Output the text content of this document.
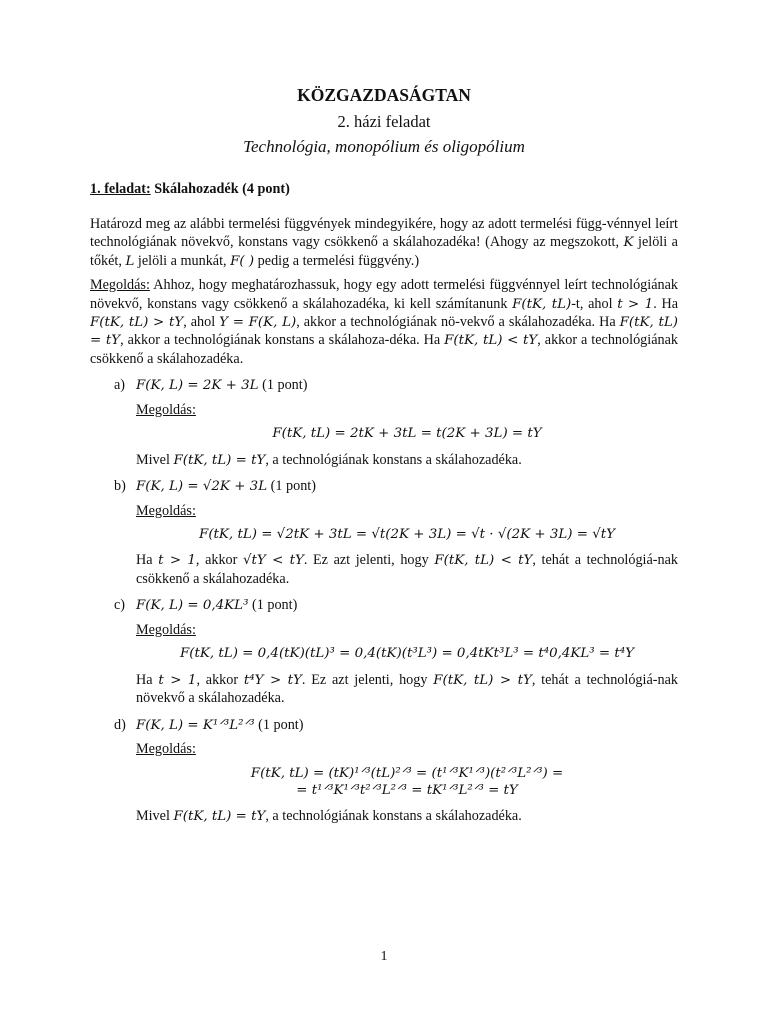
KÖZGAZDASÁGTAN

2. házi feladat

Technológia, monopólium és oligopólium

1. feladat: Skálahozadék (4 pont)

Határozd meg az alábbi termelési függvények mindegyikére, hogy az adott termelési függ-vénnyel leírt technológiának növekvő, konstans vagy csökkenő a skálahozadéka! (Ahogy az megszokott, K jelöli a tőkét, L jelöli a munkát, F( ) pedig a termelési függvény.)

Megoldás: Ahhoz, hogy meghatározhassuk, hogy egy adott termelési függvénnyel leírt technológiának növekvő, konstans vagy csökkenő a skálahozadéka, ki kell számítanunk F(tK, tL)-t, ahol t > 1. Ha F(tK, tL) > tY, ahol Y = F(K, L), akkor a technológiának nö-vekvő a skálahozadéka. Ha F(tK, tL) = tY, akkor a technológiának konstans a skálahoza-déka. Ha F(tK, tL) < tY, akkor a technológiának csökkenő a skálahozadéka.

a) F(K, L) = 2K + 3L (1 pont)

Megoldás:

F(tK, tL) = 2tK + 3tL = t(2K + 3L) = tY

Mivel F(tK, tL) = tY, a technológiának konstans a skálahozadéka.

b) F(K, L) = √2K + 3L (1 pont)

Megoldás:

F(tK, tL) = √2tK + 3tL = √t(2K + 3L) = √t · √(2K + 3L) = √tY

Ha t > 1, akkor √tY < tY. Ez azt jelenti, hogy F(tK, tL) < tY, tehát a technológiá-nak csökkenő a skálahozadéka.

c) F(K, L) = 0,4KL³ (1 pont)

Megoldás:

F(tK, tL) = 0,4(tK)(tL)³ = 0,4(tK)(t³L³) = 0,4tKt³L³ = t⁴0,4KL³ = t⁴Y

Ha t > 1, akkor t⁴Y > tY. Ez azt jelenti, hogy F(tK, tL) > tY, tehát a technológiá-nak növekvő a skálahozadéka.

d) F(K, L) = K¹ᐟ³L²ᐟ³ (1 pont)

Megoldás:

F(tK, tL) = (tK)¹ᐟ³(tL)²ᐟ³ = (t¹ᐟ³K¹ᐟ³)(t²ᐟ³L²ᐟ³) =
= t¹ᐟ³K¹ᐟ³t²ᐟ³L²ᐟ³ = tK¹ᐟ³L²ᐟ³ = tY

Mivel F(tK, tL) = tY, a technológiának konstans a skálahozadéka.

1
